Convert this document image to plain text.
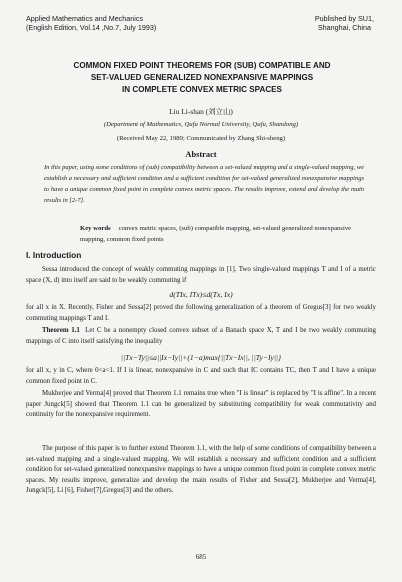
Applied Mathematics and Mechanics
(English Edition, Vol.14 ,No.7, July 1993)
Published by SU1,
Shanghai, China
COMMON FIXED POINT THEOREMS FOR (SUB) COMPATIBLE AND
SET-VALUED GENERALIZED NONEXPANSIVE MAPPINGS
IN COMPLETE CONVEX METRIC SPACES
Liu Li-shan (刘立山)
(Department of Mathematics, Qufu Normal University, Qufu, Shandong)
(Received May 22, 1989; Communicated by Zhang Shi-sheng)
Abstract
In this paper, using some conditions of (sub) compatibility between a set-valued mapping and a single-valued mapping, we establish a necessary and sufficient condition and a sufficient condition for set-valued generalized nonexpansive mappings to have a unique common fixed point in complete convex metric spaces. The results improve, extend and develop the main results in [2-7].
Key words convex metric spaces, (sub) compatible mapping, set-valued generalized nonexpansive mapping, common fixed points
I. Introduction
Sessa introduced the concept of weakly commuting mappings in [1]. Two single-valued mappings T and I of a metric space (X, d) into itself are said to be weakly commuting if
d(TIx, ITx)≤d(Tx, Ix)
for all x in X. Recently, Fisher and Sessa[2] proved the following generalization of a theorem of Gregus[3] for two weakly commuting mappings T and I.
Theorem 1.1 Let C be a nonempty closed convex subset of a Banach space X, T and I be two weakly commuting mappings of C into itself satisfying the inequality
||Tx−Ty||≤a||Ix−Iy||+(1−a)max{||Tx−Ix||, ||Ty−Iy||}
for all x, y in C, where 0<a<1. If I is linear, nonexpansive in C and such that IC contains TC, then T and I have a unique common fixed point in C.
Mukherjee and Verma[4] proved that Theorem 1.1 remains true when "I is linear" is replaced by "I is affine". In a recent paper Jungck[5] showed that Theorem 1.1 can be generalized by substituting compatibility for weak commutativity and continuity for the nonexpansive requirement.
The purpose of this paper is to further extend Theorem 1.1, with the help of some conditions of compatibility between a set-valued mapping and a single-valued mapping. We will establish a necessary and sufficient condition and a sufficient condition for set-valued generalized nonexpansive mappings to have a unique common fixed point in complete convex metric spaces. My results improve, generalize and develop the main results of Fisher and Sessa[2], Mukherjee and Verma[4], Jungck[5], Li [6], Fisher[7],Gregus[3] and the others.
685
